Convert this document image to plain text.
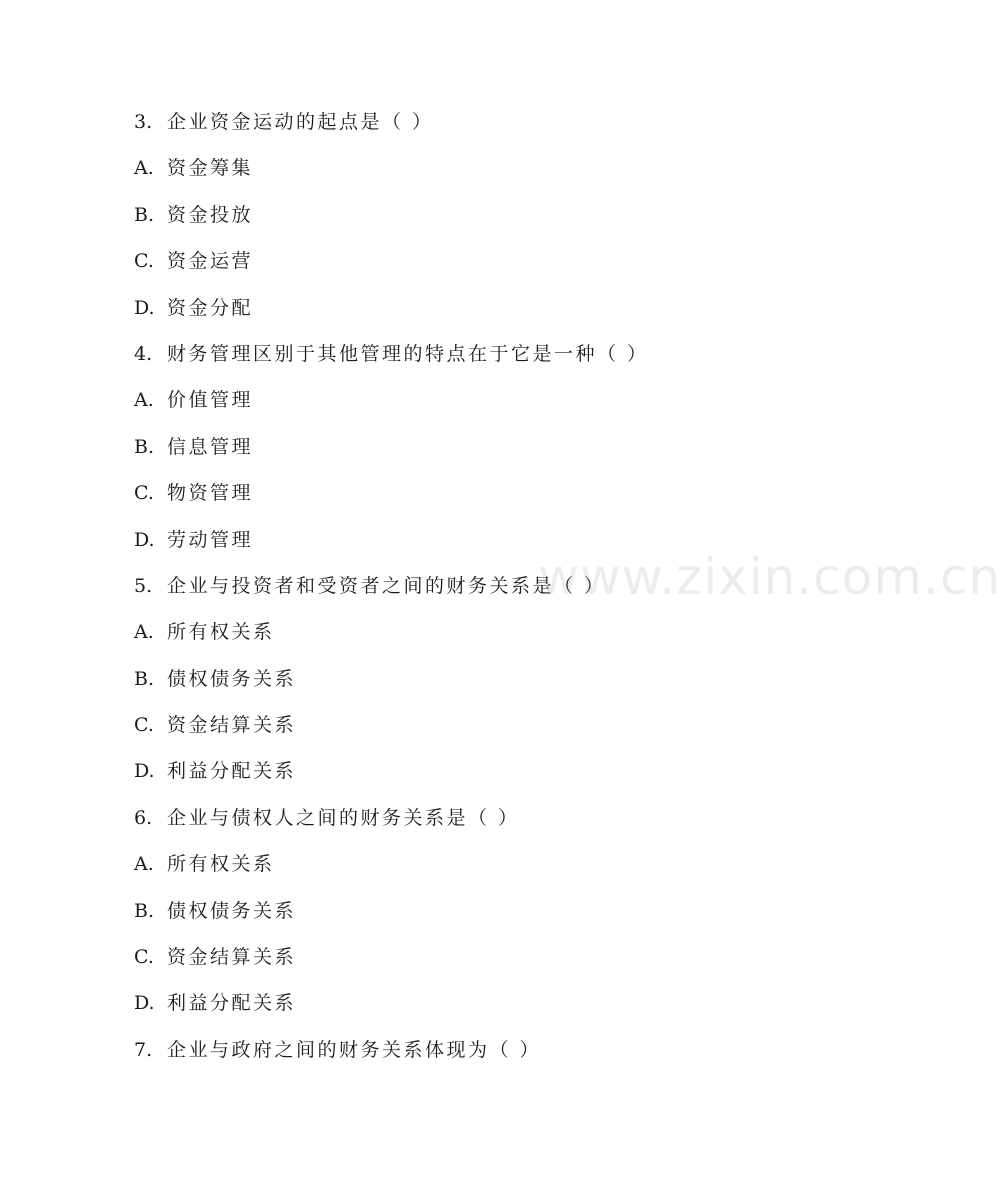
3. 企业资金运动的起点是（ ）
A. 资金筹集
B. 资金投放
C. 资金运营
D. 资金分配
4. 财务管理区别于其他管理的特点在于它是一种（ ）
A. 价值管理
B. 信息管理
C. 物资管理
D. 劳动管理
5. 企业与投资者和受资者之间的财务关系是（ ）
A. 所有权关系
B. 债权债务关系
C. 资金结算关系
D. 利益分配关系
6. 企业与债权人之间的财务关系是（ ）
A. 所有权关系
B. 债权债务关系
C. 资金结算关系
D. 利益分配关系
7. 企业与政府之间的财务关系体现为（ ）
www.zixin.com.cn
